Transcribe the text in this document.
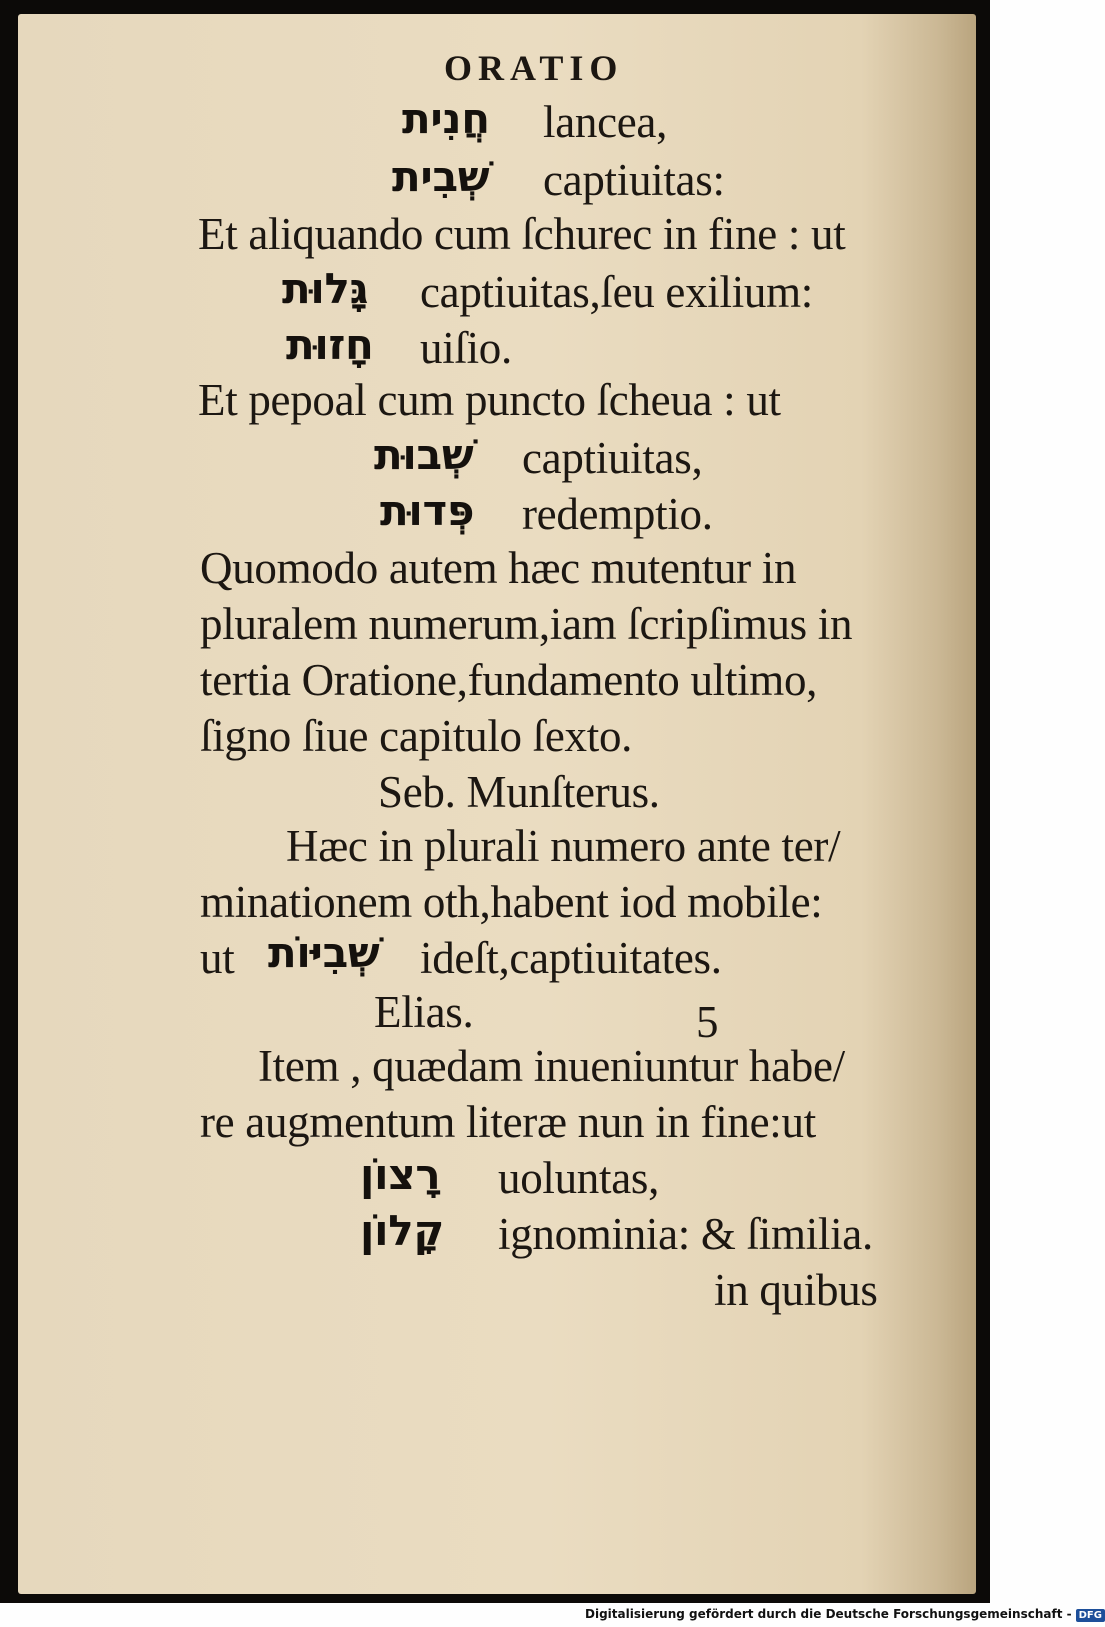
ORATIO
חֲנִית lancea,
שְׁבִית captiuitas:
Et aliquando cum ſchurec in fine : ut
גָּלוּת captiuitas,ſeu exilium:
חָזוּת uiſio.
Et pepoal cum puncto ſcheua : ut
שְׁבוּת captiuitas,
פְּדוּת redemptio.
Quomodo autem hæc mutentur in
pluralem numerum,iam ſcripſimus in
tertia Oratione,fundamento ultimo,
ſigno ſiue capitulo ſexto.
Seb. Munſterus.
Hæc in plurali numero ante ter/
minationem oth,habent iod mobile:
ut שְׁבִיּוֹת ideſt,captiuitates.
Elias.	5
Item , quædam inueniuntur habe/
re augmentum literæ nun in fine:ut
רָצוֹן uoluntas,
קָלוֹן ignominia: & ſimilia.
in quibus
Digitalisierung gefördert durch die Deutsche Forschungsgemeinschaft - DFG
